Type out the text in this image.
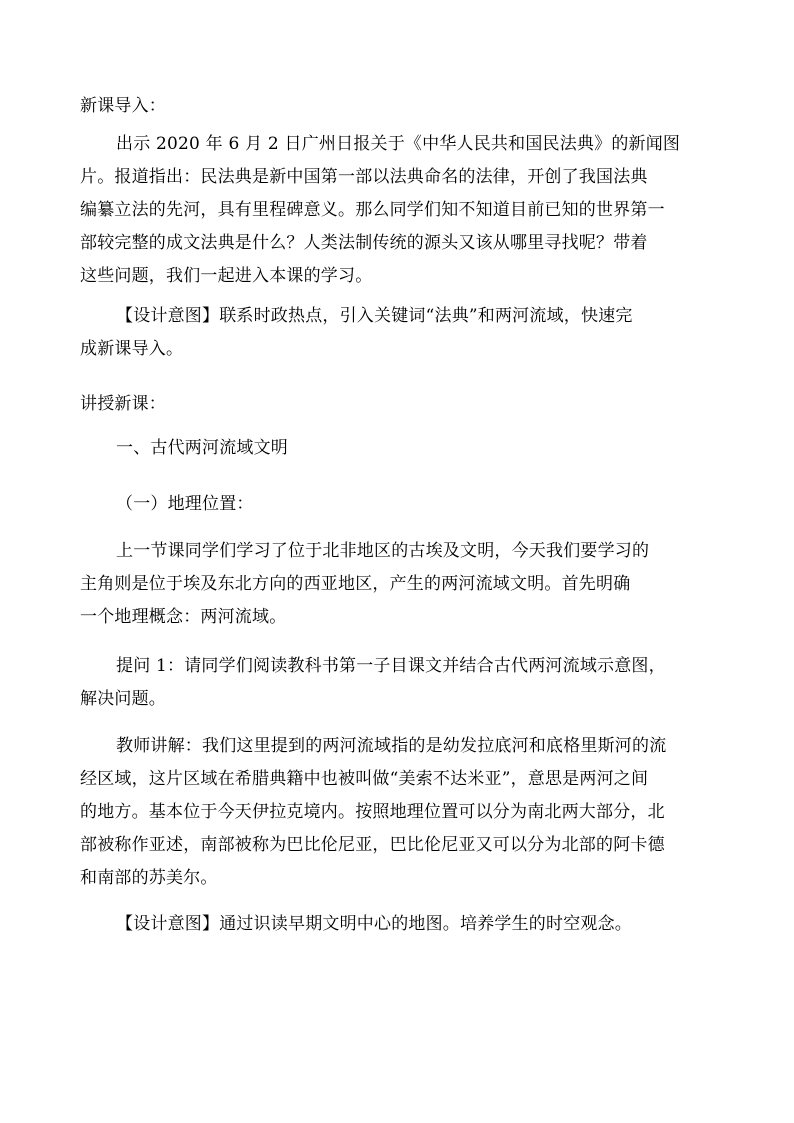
新课导入：
出示 2020 年 6 月 2 日广州日报关于《中华人民共和国民法典》的新闻图
片。报道指出：民法典是新中国第一部以法典命名的法律，开创了我国法典
编纂立法的先河，具有里程碑意义。那么同学们知不知道目前已知的世界第一
部较完整的成文法典是什么？人类法制传统的源头又该从哪里寻找呢？带着
这些问题，我们一起进入本课的学习。
【设计意图】联系时政热点，引入关键词“法典”和两河流域，快速完
成新课导入。
讲授新课：
一、古代两河流域文明
（一）地理位置：
上一节课同学们学习了位于北非地区的古埃及文明，今天我们要学习的
主角则是位于埃及东北方向的西亚地区，产生的两河流域文明。首先明确
一个地理概念：两河流域。
提问 1：请同学们阅读教科书第一子目课文并结合古代两河流域示意图，
解决问题。
教师讲解：我们这里提到的两河流域指的是幼发拉底河和底格里斯河的流
经区域，这片区域在希腊典籍中也被叫做“美索不达米亚”，意思是两河之间
的地方。基本位于今天伊拉克境内。按照地理位置可以分为南北两大部分，北
部被称作亚述，南部被称为巴比伦尼亚，巴比伦尼亚又可以分为北部的阿卡德
和南部的苏美尔。
【设计意图】通过识读早期文明中心的地图。培养学生的时空观念。
